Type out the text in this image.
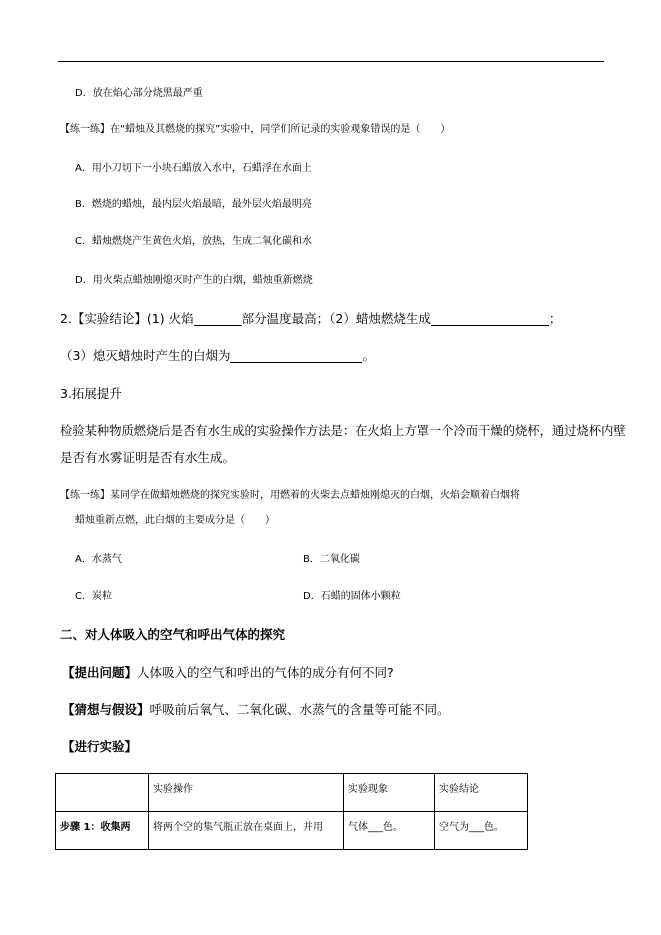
D．放在焰心部分烧黑最严重
【练一练】在“蜡烛及其燃烧的探究”实验中，同学们所记录的实验观象错误的是（　　）
A．用小刀切下一小块石蜡放入水中，石蜡浮在水面上
B．燃烧的蜡烛，最内层火焰最暗，最外层火焰最明亮
C．蜡烛燃烧产生黄色火焰，放热，生成二氧化碳和水
D．用火柴点蜡烛刚熄灭时产生的白烟，蜡烛重新燃烧
2.【实验结论】(1) 火焰	部分温度最高；（2）蜡烛燃烧生成	；
（3）熄灭蜡烛时产生的白烟为	。
3.拓展提升
检验某种物质燃烧后是否有水生成的实验操作方法是：在火焰上方罩一个冷而干燥的烧杯，通过烧杯内壁
是否有水雾证明是否有水生成。
【练一练】某同学在做蜡烛燃烧的探究实验时，用燃着的火柴去点蜡烛刚熄灭的白烟，火焰会顺着白烟将
蜡烛重新点燃，此白烟的主要成分是（　　）
A．水蒸气	B．二氧化碳
C．炭粒	D．石蜡的固体小颗粒
二、对人体吸入的空气和呼出气体的探究
【提出问题】人体吸入的空气和呼出的气体的成分有何不同?
【猜想与假设】呼吸前后氧气、二氧化碳、水蒸气的含量等可能不同。
【进行实验】
	实验操作	实验现象	实验结论
步骤 1：收集两	将两个空的集气瓶正放在桌面上，并用	气体___色。	空气为___色。
